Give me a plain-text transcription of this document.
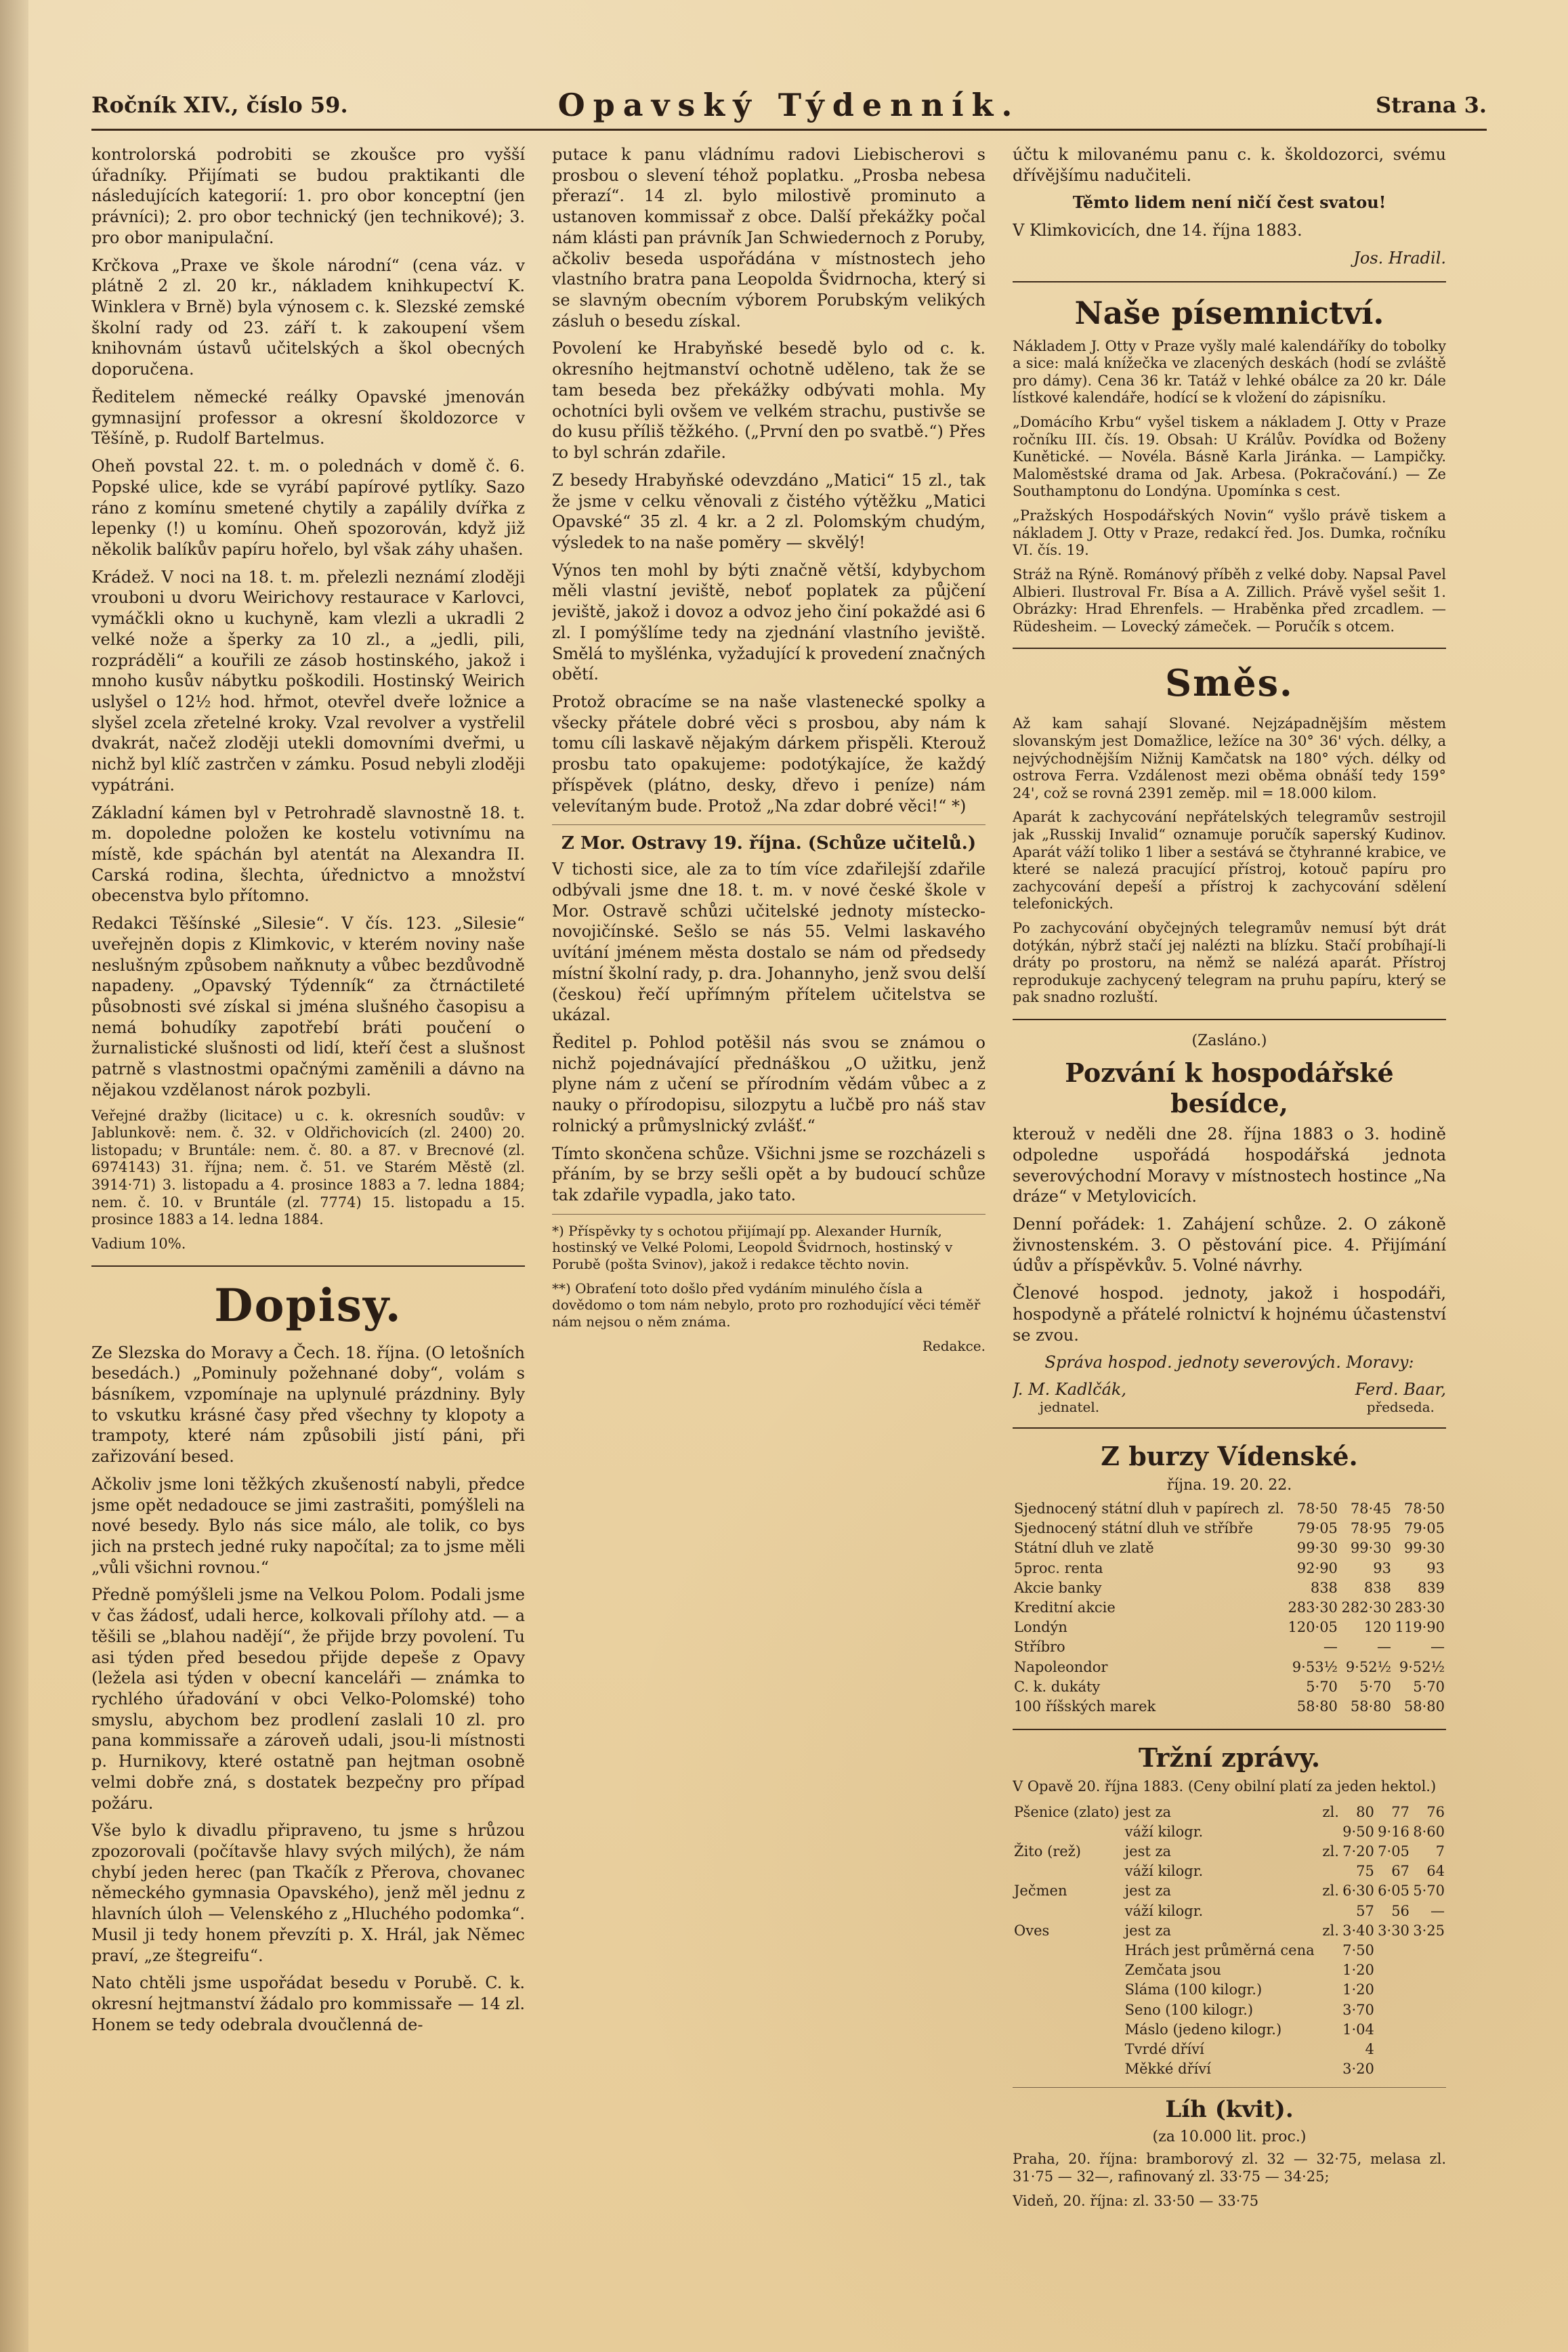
Ročník XIV., číslo 59.	Opavský Týdenník.	Strana 3.

kontrolorská podrobiti se zkoušce pro vyšší úřadníky. Přijímati se budou praktikanti dle následujících kategorií: 1. pro obor konceptní (jen právníci); 2. pro obor technický (jen technikové); 3. pro obor manipulační.

Krčkova „Praxe ve škole národní“ (cena váz. v plátně 2 zl. 20 kr., nákladem knihkupectví K. Winklera v Brně) byla výnosem c. k. Slezské zemské školní rady od 23. září t. k zakoupení všem knihovnám ústavů učitelských a škol obecných doporučena.

Ředitelem německé reálky Opavské jmenován gymnasijní professor a okresní školdozorce v Těšíně, p. Rudolf Bartelmus.

Oheň povstal 22. t. m. o polednách v domě č. 6. Popské ulice, kde se vyrábí papírové pytlíky. Sazo ráno z komínu smetené chytily a zapálily dvířka z lepenky (!) u komínu. Oheň spozorován, když již několik balíkův papíru hořelo, byl však záhy uhašen.

Krádež. V noci na 18. t. m. přelezli neznámí zloději vrouboni u dvoru Weirichovy restaurace v Karlovci, vymáčkli okno u kuchyně, kam vlezli a ukradli 2 velké nože a šperky za 10 zl., a „jedli, pili, rozpráděli“ a kouřili ze zásob hostinského, jakož i mnoho kusův nábytku poškodili. Hostinský Weirich uslyšel o 12½ hod. hřmot, otevřel dveře ložnice a slyšel zcela zřetelné kroky. Vzal revolver a vystřelil dvakrát, načež zloději utekli domovními dveřmi, u nichž byl klíč zastrčen v zámku. Posud nebyli zloději vypátráni.

Základní kámen byl v Petrohradě slavnostně 18. t. m. dopoledne položen ke kostelu votivnímu na místě, kde spáchán byl atentát na Alexandra II. Carská rodina, šlechta, úřednictvo a množství obecenstva bylo přítomno.

Redakci Těšínské „Silesie“. V čís. 123. „Silesie“ uveřejněn dopis z Klimkovic, v kterém noviny naše neslušným způsobem naňknuty a vůbec bezdůvodně napadeny. „Opavský Týdenník“ za čtrnáctileté působnosti své získal si jména slušného časopisu a nemá bohudíky zapotřebí bráti poučení o žurnalistické slušnosti od lidí, kteří čest a slušnost patrně s vlastnostmi opačnými zaměnili a dávno na nějakou vzdělanost nárok pozbyli.

Veřejné dražby (licitace) u c. k. okresních soudův: v Jablunkově: nem. č. 32. v Oldřichovicích (zl. 2400) 20. listopadu; v Bruntále: nem. č. 80. a 87. v Brecnové (zl. 6974143) 31. října; nem. č. 51. ve Starém Městě (zl. 3914·71) 3. listopadu a 4. prosince 1883 a 7. ledna 1884; nem. č. 10. v Bruntále (zl. 7774) 15. listopadu a 15. prosince 1883 a 14. ledna 1884.

Vadium 10%.

Dopisy.

Ze Slezska do Moravy a Čech. 18. října. (O letošních besedách.) „Pominuly požehnané doby“, volám s básníkem, vzpomínaje na uplynulé prázdniny. Byly to vskutku krásné časy před všechny ty klopoty a trampoty, které nám způsobili jistí páni, při zařizování besed.

Ačkoliv jsme loni těžkých zkušeností nabyli, předce jsme opět nedadouce se jimi zastrašiti, pomýšleli na nové besedy. Bylo nás sice málo, ale tolik, co bys jich na prstech jedné ruky napočítal; za to jsme měli „vůli všichni rovnou.“

Předně pomýšleli jsme na Velkou Polom. Podali jsme v čas žádosť, udali herce, kolkovali přílohy atd. — a těšili se „blahou nadějí“, že přijde brzy povolení. Tu asi týden před besedou přijde depeše z Opavy (ležela asi týden v obecní kanceláři — známka to rychlého úřadování v obci Velko-Polomské) toho smyslu, abychom bez prodlení zaslali 10 zl. pro pana kommissaře a zároveň udali, jsou-li místnosti p. Hurnikovy, které ostatně pan hejtman osobně velmi dobře zná, s dostatek bezpečny pro případ požáru.

Vše bylo k divadlu připraveno, tu jsme s hrůzou zpozorovali (počítavše hlavy svých milých), že nám chybí jeden herec (pan Tkačík z Přerova, chovanec německého gymnasia Opavského), jenž měl jednu z hlavních úloh — Velenského z „Hluchého podomka“. Musil ji tedy honem převzíti p. X. Hrál, jak Němec praví, „ze štegreifu“.

Nato chtěli jsme uspořádat besedu v Porubě. C. k. okresní hejtmanství žádalo pro kommissaře — 14 zl. Honem se tedy odebrala dvoučlenná de-

putace k panu vládnímu radovi Liebischerovi s prosbou o slevení téhož poplatku. „Prosba nebesa přerazí“. 14 zl. bylo milostivě prominuto a ustanoven kommissař z obce. Další překážky počal nám klásti pan právník Jan Schwiedernoch z Poruby, ačkoliv beseda uspořádána v místnostech jeho vlastního bratra pana Leopolda Švidrnocha, který si se slavným obecním výborem Porubským velikých zásluh o besedu získal.

Povolení ke Hrabyňské besedě bylo od c. k. okresního hejtmanství ochotně uděleno, tak že se tam beseda bez překážky odbývati mohla. My ochotníci byli ovšem ve velkém strachu, pustivše se do kusu příliš těžkého. („První den po svatbě.“) Přes to byl schrán zdařile.

Z besedy Hrabyňské odevzdáno „Matici“ 15 zl., tak že jsme v celku věnovali z čistého výtěžku „Matici Opavské“ 35 zl. 4 kr. a 2 zl. Polomským chudým, výsledek to na naše poměry — skvělý!

Výnos ten mohl by býti značně větší, kdybychom měli vlastní jeviště, neboť poplatek za půjčení jeviště, jakož i dovoz a odvoz jeho činí pokaždé asi 6 zl. I pomýšlíme tedy na zjednání vlastního jeviště. Smělá to myšlénka, vyžadující k provedení značných obětí.

Protož obracíme se na naše vlastenecké spolky a všecky přátele dobré věci s prosbou, aby nám k tomu cíli laskavě nějakým dárkem přispěli. Kterouž prosbu tato opakujeme: podotýkajíce, že každý příspěvek (plátno, desky, dřevo i peníze) nám velevítaným bude. Protož „Na zdar dobré věci!“ *)

Z Mor. Ostravy 19. října. (Schůze učitelů.)

V tichosti sice, ale za to tím více zdařilejší zdařile odbývali jsme dne 18. t. m. v nové české škole v Mor. Ostravě schůzi učitelské jednoty místecko-novojičínské. Sešlo se nás 55. Velmi laskavého uvítání jménem města dostalo se nám od předsedy místní školní rady, p. dra. Johannyho, jenž svou delší (českou) řečí upřímným přítelem učitelstva se ukázal.

Ředitel p. Pohlod potěšil nás svou se známou o nichž pojednávající přednáškou „O užitku, jenž plyne nám z učení se přírodním vědám vůbec a z nauky o přírodopisu, silozpytu a lučbě pro náš stav rolnický a průmyslnický zvlášť.“

Tímto skončena schůze. Všichni jsme se rozcházeli s přáním, by se brzy sešli opět a by budoucí schůze tak zdařile vypadla, jako tato.

*) Příspěvky ty s ochotou přijímají pp. Alexander Hurník, hostinský ve Velké Polomi, Leopold Švidrnoch, hostinský v Porubě (pošta Svinov), jakož i redakce těchto novin.
**) Obraťení toto došlo před vydáním minulého čísla a dovědomo o tom nám nebylo, proto pro rozhodující věci téměř nám nejsou o něm známa.
Redakce.

účtu k milovanému panu c. k. školdozorci, svému dřívějšímu nadučiteli.

Těmto lidem není ničí čest svatou!

V Klimkovicích, dne 14. října 1883.

Jos. Hradil.

Naše písemnictví.

Nákladem J. Otty v Praze vyšly malé kalendáříky do tobolky a sice: malá knížečka ve zlacených deskách (hodí se zvláště pro dámy). Cena 36 kr. Tatáž v lehké obálce za 20 kr. Dále lístkové kalendáře, hodící se k vložení do zápisníku.

„Domácího Krbu“ vyšel tiskem a nákladem J. Otty v Praze ročníku III. čís. 19. Obsah: U Králův. Povídka od Boženy Kunětické. — Novéla. Básně Karla Jiránka. — Lampičky. Maloměstské drama od Jak. Arbesa. (Pokračování.) — Ze Southamptonu do Londýna. Upomínka s cest.

„Pražských Hospodářských Novin“ vyšlo právě tiskem a nákladem J. Otty v Praze, redakcí řed. Jos. Dumka, ročníku VI. čís. 19.

Stráž na Rýně. Románový příběh z velké doby. Napsal Pavel Albieri. Ilustroval Fr. Bísa a A. Zillich. Právě vyšel sešit 1. Obrázky: Hrad Ehrenfels. — Hraběnka před zrcadlem. — Rüdesheim. — Lovecký zámeček. — Poručík s otcem.

Směs.

Až kam sahají Slované. Nejzápadnějším městem slovanským jest Domažlice, ležíce na 30° 36' vých. délky, a nejvýchodnějším Nižnij Kamčatsk na 180° vých. délky od ostrova Ferra. Vzdálenost mezi oběma obnáší tedy 159° 24', což se rovná 2391 zeměp. mil = 18.000 kilom.

Aparát k zachycování nepřátelských telegramův sestrojil jak „Russkij Invalid“ oznamuje poručík saperský Kudinov. Aparát váží toliko 1 liber a sestává se čtyhranné krabice, ve které se nalezá pracující přístroj, kotouč papíru pro zachycování depeší a přístroj k zachycování sdělení telefonických.

Po zachycování obyčejných telegramův nemusí být drát dotýkán, nýbrž stačí jej nalézti na blízku. Stačí probíhají-li dráty po prostoru, na němž se nalézá aparát. Přístroj reprodukuje zachycený telegram na pruhu papíru, který se pak snadno rozluští.

(Zasláno.)
Pozvání k hospodářské besídce,

kterouž v neděli dne 28. října 1883 o 3. hodině odpoledne uspořádá hospodářská jednota severovýchodní Moravy v místnostech hostince „Na dráze“ v Metylovicích.

Denní pořádek: 1. Zahájení schůze. 2. O zákoně živnostenském. 3. O pěstování pice. 4. Přijímání údův a příspěvkův. 5. Volné návrhy.

Členové hospod. jednoty, jakož i hospodáři, hospodyně a přátelé rolnictví k hojnému účastenství se zvou.

Správa hospod. jednoty severových. Moravy:

J. M. Kadlčák,
jednatel.
Ferd. Baar,
předseda.
Z burzy Vídenské.
října. 19. 20. 22.
Sjednocený státní dluh v papírech	zl.	78·50	78·45	78·50
Sjednocený státní dluh ve stříbře		79·05	78·95	79·05
Státní dluh ve zlatě		99·30	99·30	99·30
5proc. renta		92·90	93	93
Akcie banky		838	838	839
Kreditní akcie		283·30	282·30	283·30
Londýn		120·05	120	119·90
Stříbro		—	—	—
Napoleondor		9·53½	9·52½	9·52½
C. k. dukáty		5·70	5·70	5·70
100 říšských marek		58·80	58·80	58·80
Tržní zprávy.

V Opavě 20. října 1883. (Ceny obilní platí za jeden hektol.)

Pšenice (zlato)	jest za	zl.	80	77	76
	váží kilogr.		9·50	9·16	8·60
Žito (rež)	jest za	zl.	7·20	7·05	7
	váží kilogr.		75	67	64
Ječmen	jest za	zl.	6·30	6·05	5·70
	váží kilogr.		57	56	—
Oves	jest za	zl.	3·40	3·30	3·25
	Hrách jest průměrná cena		7·50		
	Zemčata jsou		1·20		
	Sláma (100 kilogr.)		1·20		
	Seno (100 kilogr.)		3·70		
	Máslo (jedeno kilogr.)		1·04		
	Tvrdé dříví		4		
	Měkké dříví		3·20		
Líh (kvit).
(za 10.000 lit. proc.)

Praha, 20. října: bramborový zl. 32 — 32·75, melasa zl. 31·75 — 32—, rafinovaný zl. 33·75 — 34·25;

Videň, 20. října: zl. 33·50 — 33·75
